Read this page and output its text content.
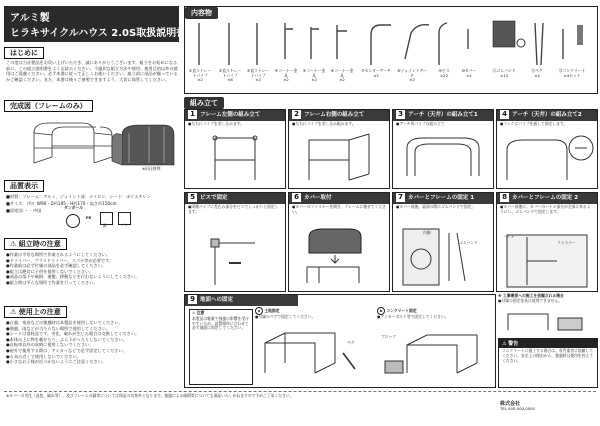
アルミ製
ヒラキサイクルハウス 2.0S取扱説明書
はじめに
この度は当社製品をお買い上げいただき、誠にありがとうございます。組立をお始めになる前に、この組立説明書をよくお読みください。不適切な組立方法や使用、使用目的以外の使用はご遠慮ください。必ず本書に従って正しくお使いください。組立前に部品が揃っているかご確認ください。また、本書は後々ご参照できますよう、大切に保管してください。
完成図（フレームのみ）
※旧仕様例
品質表示
■材質：フレーム：アルミ、ジョイント部：ナイロン、シート：ポリエチレン
■サイズ：（約）W90・D約195・H約170・高さ約150cm
■原産国：・・中国
ダンボール
PE
紙	プラ
⚠ 組立時の注意
●作業は平坦な場所で作業されるようにしてください。
●ドライバー、プラスドライバー、スパナ等が必要です。
●作業前は必ず付属の部品を必ず確認してください。
●組立は絶対に子供を使用しないでください。
●部品の落下や破損、運搬、移動などを行わないようにしてください。
●組立時は平らな場所で作業を行ってください。
⚠ 使用上の注意
●台風、竜巻などの強風時は本製品を使用しないでください。
●強風、雨などが当たらない場所で使用してください。
●シートは消耗品です。劣化、破れが生じた場合は交換してください。
●本体の上に物を載せたり、ぶら下がったりしないでください。
●自転車以外の収納に使用しないでください。
●屋外で使用する際は、アンカーなどで必ず固定してください。
●火気の近くで使用しないでください。
●小さなお子様が近づかないようにご注意ください。
内容物
①直ストレートパイプ
×2
②直ストレートパイプ
×6
③直ストレートパイプ
×2
④コーナー金具
×2
⑤コーナー金具
×2
⑥コーナー金具
×2
⑦センターアーチ
×2
⑧ジョイントアーチ
×2
⑨ビス
×22
⑩カバー
×1
⑪ゴムバンド
×13
⑫ペグ
×4
⑬コンクリート
×4セット
組み立て
1 フレーム左側の組み立て
●左右にパイプを差し込みます。
2 フレーム右側の組み立て
●左右にパイプを差し込み組みます。
3 アーチ（天井）の組み立て1
●アーチ用パイプの組み立て
4 アーチ（天井）の組み立て2
●フックにパイプを通して固定します。
5 ビスで固定
●両側パイプに差込み部分をビスでしっかりと固定します。
6 カバー取付
●カバーのファスナーを開き、フレームに被せてください。
7 カバーとフレームの固定 1
●カバー前後、裏面の際にゴムバンドで固定。
内側
ゴムバンド
8 カバーとフレームの固定 2
●カバー前後に、カバーのハトメ部分が全部に来るようにし、ゴムバンドで固定します。
ハトメ
ファスナー
9 地面への固定
⚠ 注意
本製品は軽量で強風の影響を受けやすいため、設置場所に合わせて必ず地面に固定してください。
a 土地固定
●付属のペグで固定してください。
ペグ
b コンクリート固定
●アンカーボルト等で固定してください。
ブロック
※ 工事業者への施工を依頼される場合
●付属の固定金具は使用できません。
⚠ 警告
コンクリートに施工する場合は、専門業者に依頼してください。安全上の理由から、強風時は使用を控えてください。
※カバーの劣化（退色、破れ等）、及びフレームの錆等については保証の対象外となります。強風による破損等についても保証いたしかねますので予めご了承ください。
株式会社
TEL 000-000-0000
